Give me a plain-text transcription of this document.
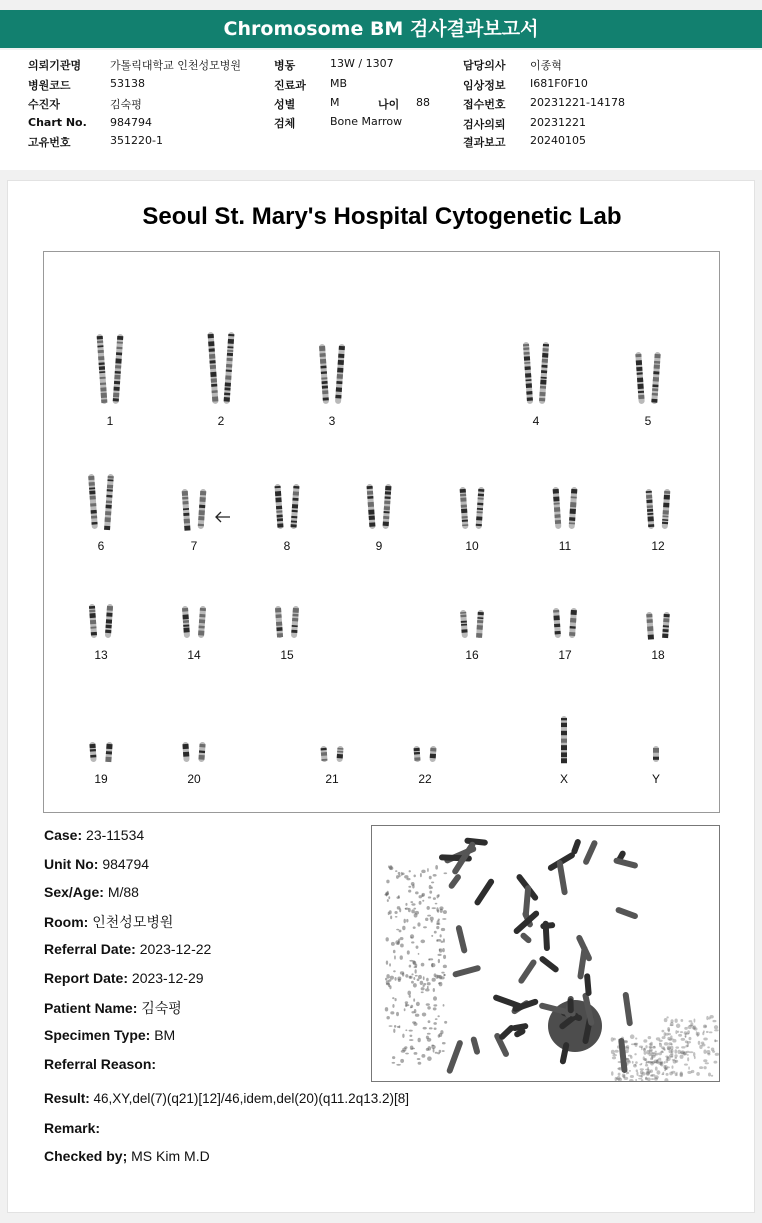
Chromosome BM 검사결과보고서
의뢰기관명	가톨릭대학교 인천성모병원
병원코드	53138
수진자	김숙평
Chart No. 984794
고유번호	351220-1
병동	13W / 1307
진료과 MB
성별	M	나이 88
검체	Bone Marrow
담당의사 이종혁
임상정보 I681F0F10
접수번호 20231221-14178
검사의뢰 20231221
결과보고 20240105
Seoul St. Mary's Hospital Cytogenetic Lab
1	2	3	4	5
6	7	8	9	10	11	12
13	14	15	16	17	18
19	20	21	22	X	Y
Case: 23-11534
Unit No: 984794
Sex/Age: M/88
Room: 인천성모병원
Referral Date: 2023-12-22
Report Date: 2023-12-29
Patient Name: 김숙평
Specimen Type: BM
Referral Reason:
Result: 46,XY,del(7)(q21)[12]/46,idem,del(20)(q11.2q13.2)[8]
Remark:
Checked by; MS Kim M.D
